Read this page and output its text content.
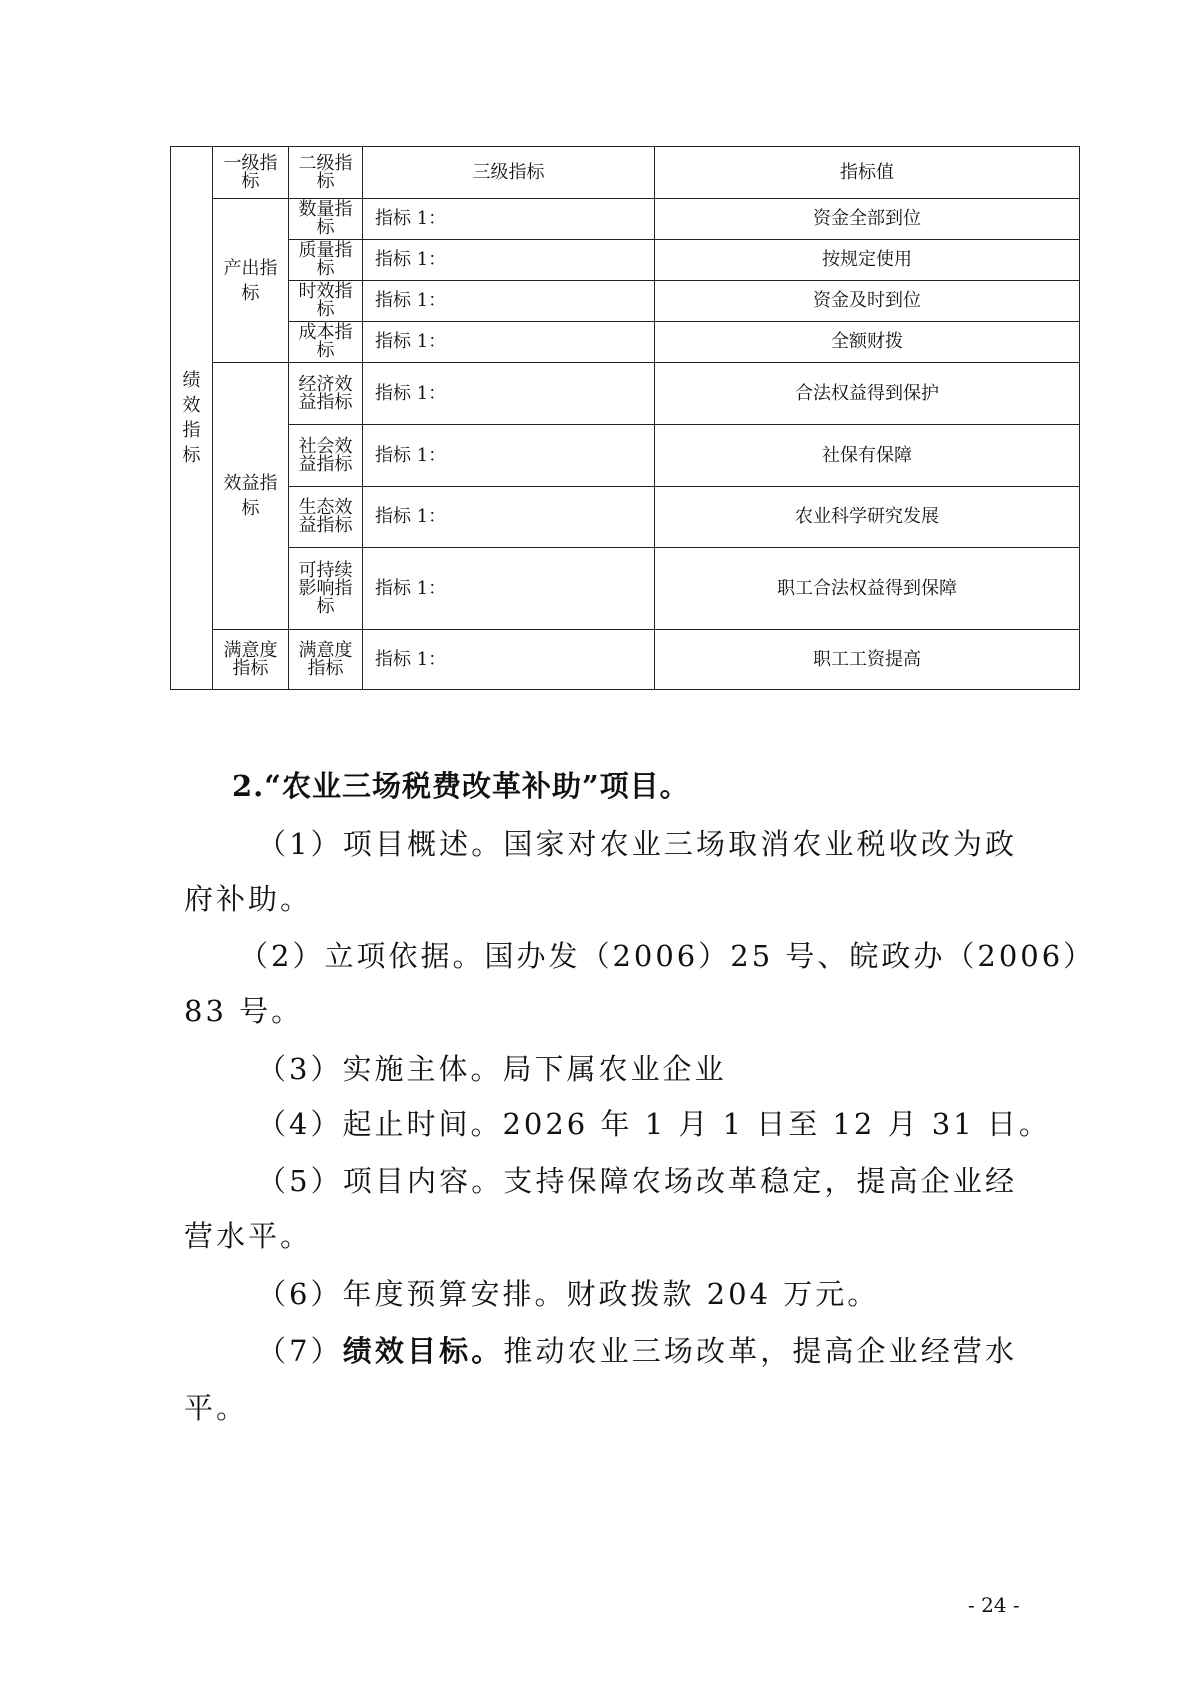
绩效指标	一级指标	二级指标	三级指标	指标值
	产出指标	数量指标	指标 1：	资金全部到位
		质量指标	指标 1：	按规定使用
		时效指标	指标 1：	资金及时到位
		成本指标	指标 1：	全额财拨
	效益指标	经济效益指标	指标 1：	合法权益得到保护
		社会效益指标	指标 1：	社保有保障
		生态效益指标	指标 1：	农业科学研究发展
		可持续影响指标	指标 1：	职工合法权益得到保障
	满意度指标	满意度指标	指标 1：	职工工资提高
2.“农业三场税费改革补助”项目。
（1）项目概述。国家对农业三场取消农业税收改为政
府补助。
（2）立项依据。国办发（2006）25 号、皖政办（2006）
83 号。
（3）实施主体。局下属农业企业
（4）起止时间。2026 年 1 月 1 日至 12 月 31 日。
（5）项目内容。支持保障农场改革稳定，提高企业经
营水平。
（6）年度预算安排。财政拨款 204 万元。
（7）绩效目标。推动农业三场改革，提高企业经营水
平。
- 24 -
